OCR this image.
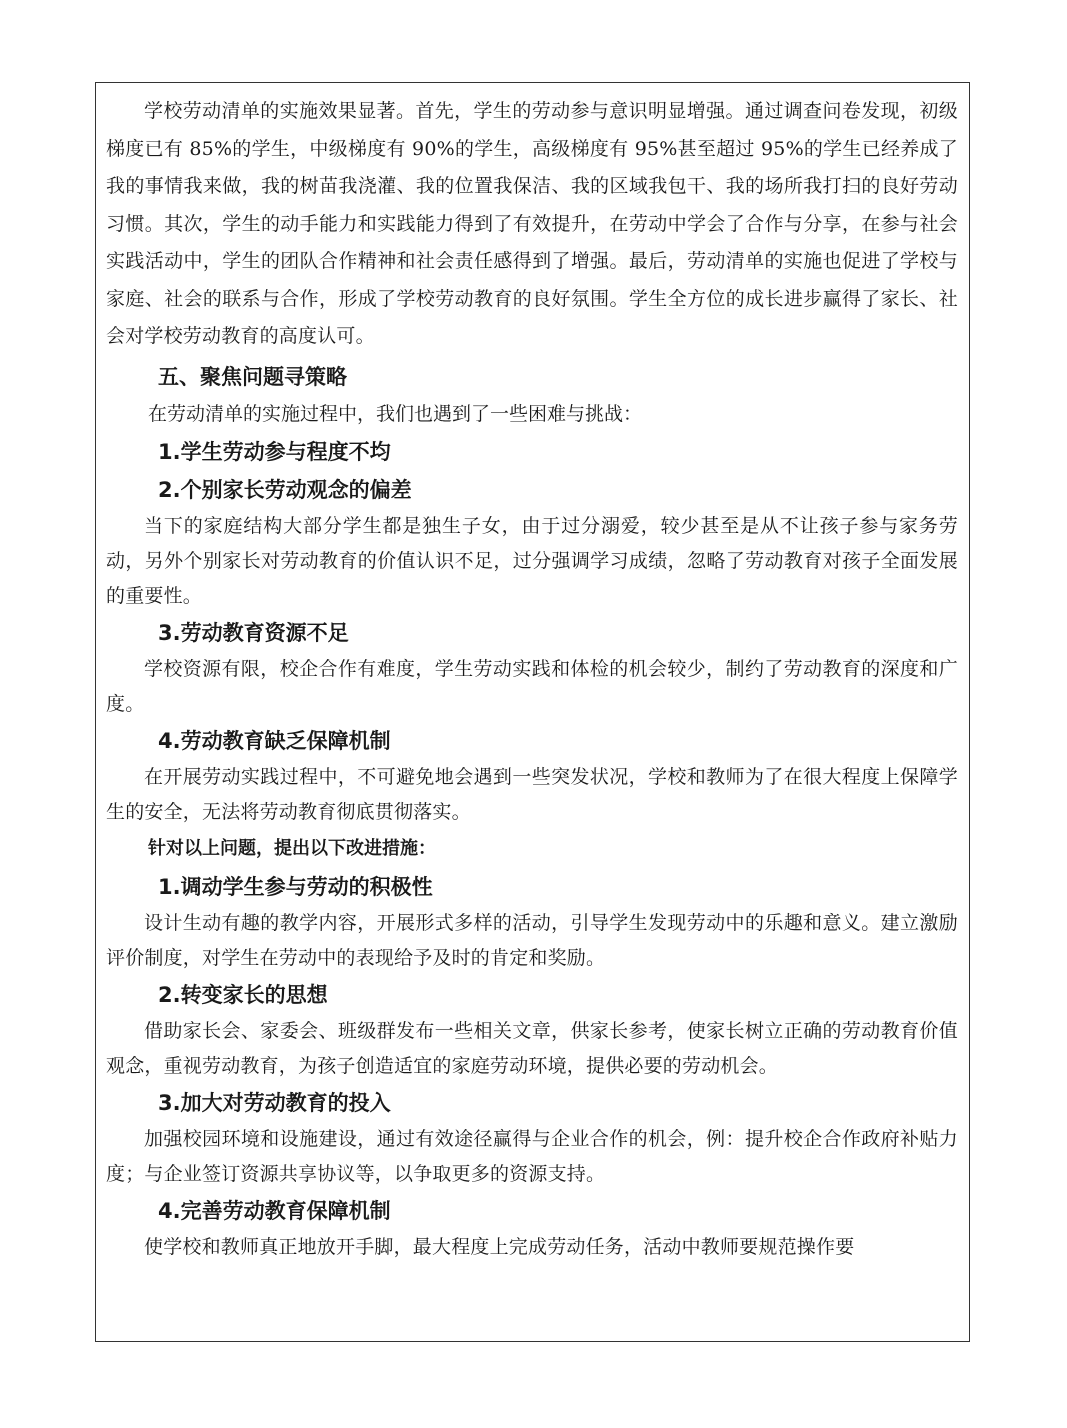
学校劳动清单的实施效果显著。首先，学生的劳动参与意识明显增强。通过调查问卷发现，初级梯度已有 85%的学生，中级梯度有 90%的学生，高级梯度有 95%甚至超过 95%的学生已经养成了我的事情我来做，我的树苗我浇灌、我的位置我保洁、我的区域我包干、我的场所我打扫的良好劳动习惯。其次，学生的动手能力和实践能力得到了有效提升，在劳动中学会了合作与分享，在参与社会实践活动中，学生的团队合作精神和社会责任感得到了增强。最后，劳动清单的实施也促进了学校与家庭、社会的联系与合作，形成了学校劳动教育的良好氛围。学生全方位的成长进步赢得了家长、社会对学校劳动教育的高度认可。

五、聚焦问题寻策略

在劳动清单的实施过程中，我们也遇到了一些困难与挑战：

1.学生劳动参与程度不均
2.个别家长劳动观念的偏差

当下的家庭结构大部分学生都是独生子女，由于过分溺爱，较少甚至是从不让孩子参与家务劳动，另外个别家长对劳动教育的价值认识不足，过分强调学习成绩，忽略了劳动教育对孩子全面发展的重要性。

3.劳动教育资源不足

学校资源有限，校企合作有难度，学生劳动实践和体检的机会较少，制约了劳动教育的深度和广度。

4.劳动教育缺乏保障机制

在开展劳动实践过程中，不可避免地会遇到一些突发状况，学校和教师为了在很大程度上保障学生的安全，无法将劳动教育彻底贯彻落实。

针对以上问题，提出以下改进措施：

1.调动学生参与劳动的积极性

设计生动有趣的教学内容，开展形式多样的活动，引导学生发现劳动中的乐趣和意义。建立激励评价制度，对学生在劳动中的表现给予及时的肯定和奖励。

2.转变家长的思想

借助家长会、家委会、班级群发布一些相关文章，供家长参考，使家长树立正确的劳动教育价值观念，重视劳动教育，为孩子创造适宜的家庭劳动环境，提供必要的劳动机会。

3.加大对劳动教育的投入

加强校园环境和设施建设，通过有效途径赢得与企业合作的机会，例：提升校企合作政府补贴力度；与企业签订资源共享协议等，以争取更多的资源支持。

4.完善劳动教育保障机制

使学校和教师真正地放开手脚，最大程度上完成劳动任务，活动中教师要规范操作要
